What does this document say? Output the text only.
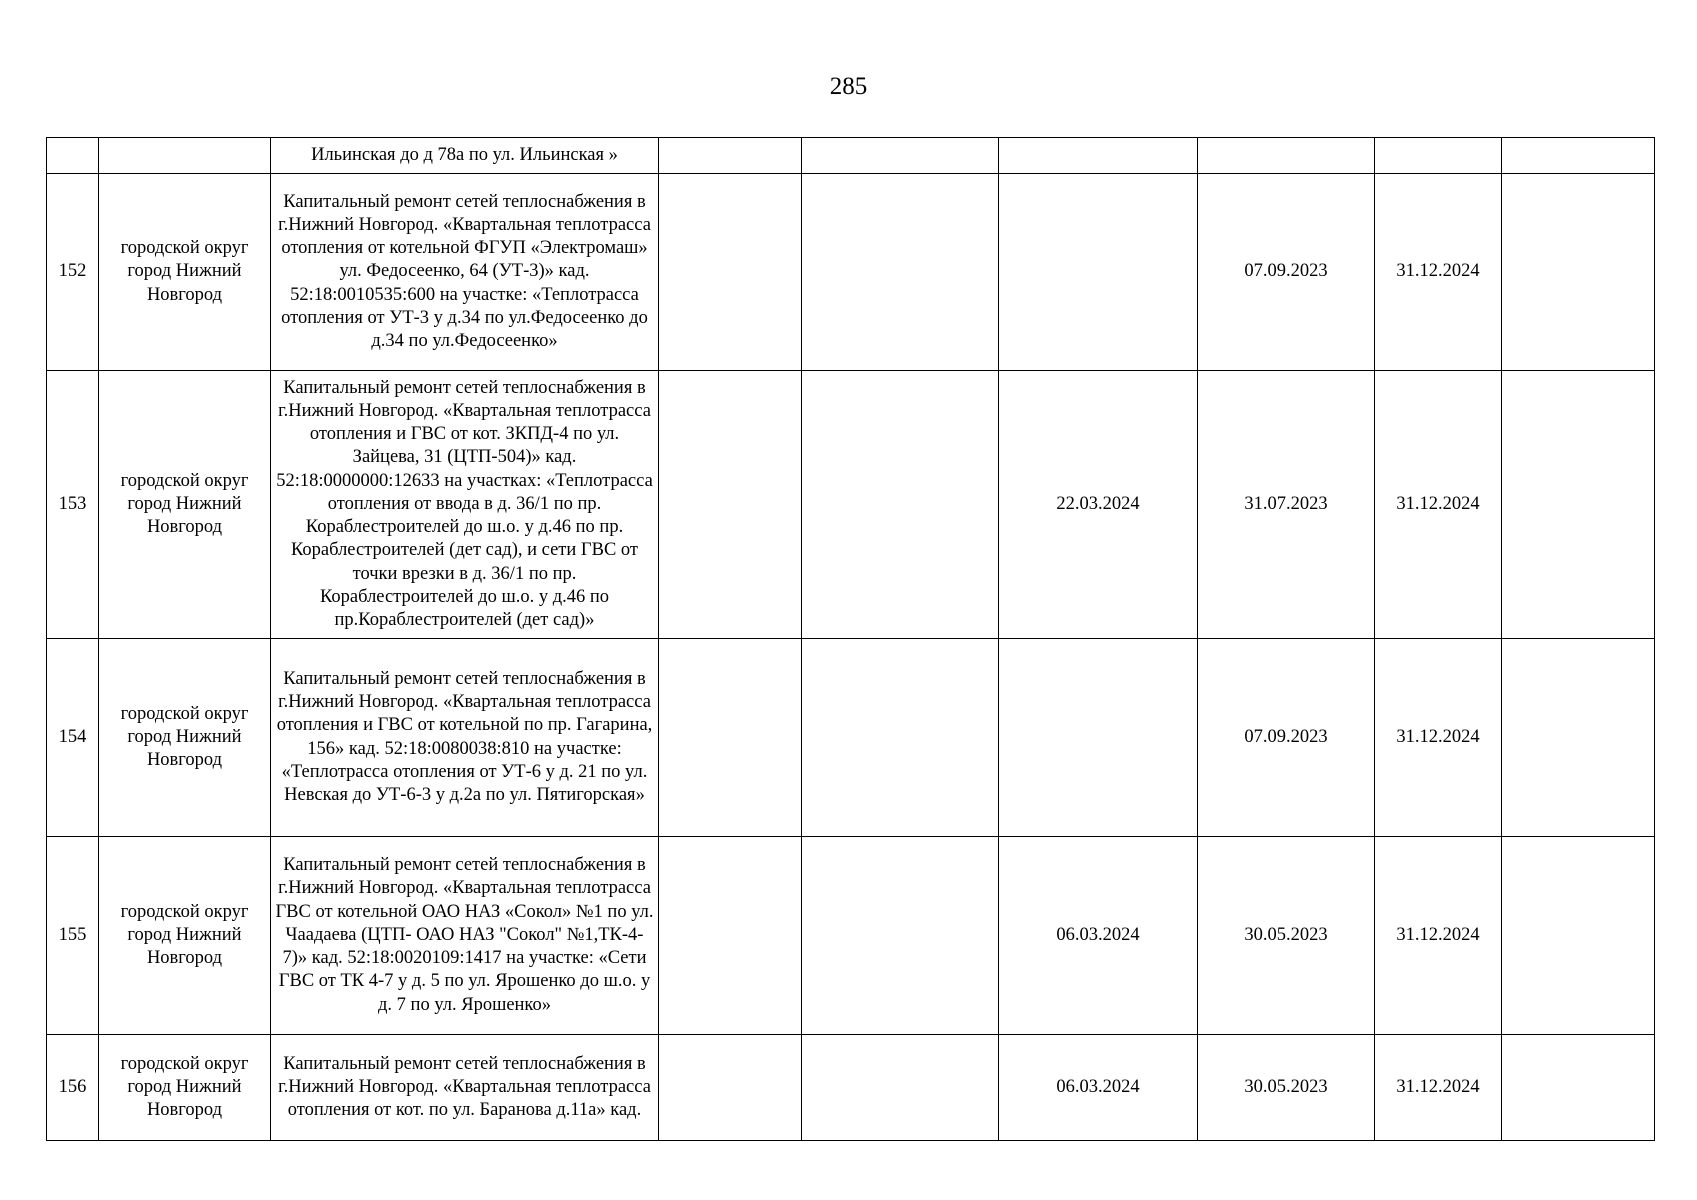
285
		Ильинская до д 78а по ул. Ильинская »						
152	городской округ город Нижний Новгород	Капитальный ремонт сетей теплоснабжения в г.Нижний Новгород. «Квартальная теплотрасса отопления от котельной ФГУП «Электромаш» ул. Федосеенко, 64 (УТ-3)» кад. 52:18:0010535:600 на участке: «Теплотрасса отопления от УТ-3 у д.34 по ул.Федосеенко до д.34 по ул.Федосеенко»				07.09.2023	31.12.2024	
153	городской округ город Нижний Новгород	Капитальный ремонт сетей теплоснабжения в г.Нижний Новгород. «Квартальная теплотрасса отопления и ГВС от кот. ЗКПД-4 по ул. Зайцева, 31 (ЦТП-504)» кад. 52:18:0000000:12633 на участках: «Теплотрасса отопления от ввода в д. 36/1 по пр. Кораблестроителей до ш.о. у д.46 по пр. Кораблестроителей (дет сад), и сети ГВС от точки врезки в д. 36/1 по пр. Кораблестроителей до ш.о. у д.46 по пр.Кораблестроителей (дет сад)»			22.03.2024	31.07.2023	31.12.2024	
154	городской округ город Нижний Новгород	Капитальный ремонт сетей теплоснабжения в г.Нижний Новгород. «Квартальная теплотрасса отопления и ГВС от котельной по пр. Гагарина, 156» кад. 52:18:0080038:810 на участке: «Теплотрасса отопления от УТ-6 у д. 21 по ул. Невская до УТ-6-3 у д.2а по ул. Пятигорская»				07.09.2023	31.12.2024	
155	городской округ город Нижний Новгород	Капитальный ремонт сетей теплоснабжения в г.Нижний Новгород. «Квартальная теплотрасса ГВС от котельной ОАО НАЗ «Сокол» №1 по ул. Чаадаева (ЦТП- ОАО НАЗ "Сокол" №1,ТК-4-7)» кад. 52:18:0020109:1417 на участке: «Сети ГВС от ТК 4-7 у д. 5 по ул. Ярошенко до ш.о. у д. 7 по ул. Ярошенко»			06.03.2024	30.05.2023	31.12.2024	
156	городской округ город Нижний Новгород	Капитальный ремонт сетей теплоснабжения в г.Нижний Новгород. «Квартальная теплотрасса отопления от кот. по ул. Баранова д.11а» кад.			06.03.2024	30.05.2023	31.12.2024	
